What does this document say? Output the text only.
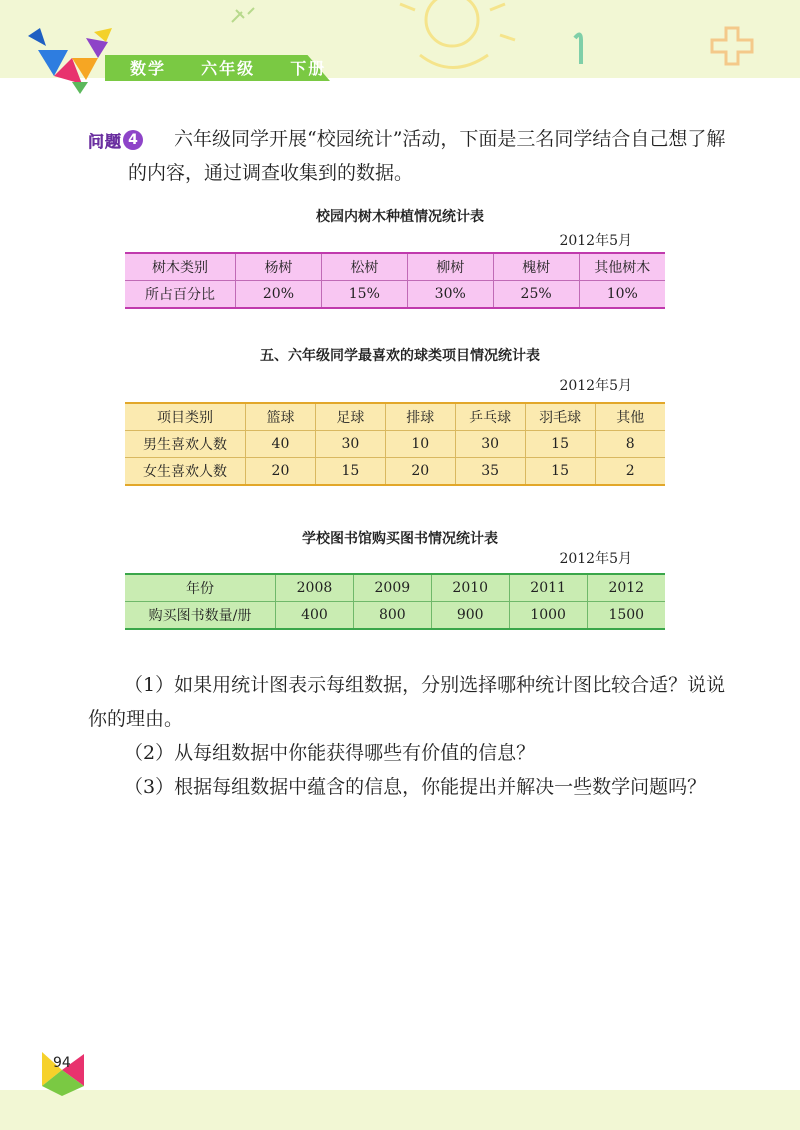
数学  六年级  下册
问题 4	六年级同学开展“校园统计”活动，下面是三名同学结合自己想了解的内容，通过调查收集到的数据。

校园内树木种植情况统计表
2012年5月
树木类别	杨树	松树	柳树	槐树	其他树木
所占百分比	20%	15%	30%	25%	10%
五、六年级同学最喜欢的球类项目情况统计表
2012年5月
项目类别	篮球	足球	排球	乒乓球	羽毛球	其他
男生喜欢人数	40	30	10	30	15	8
女生喜欢人数	20	15	20	35	15	2
学校图书馆购买图书情况统计表
2012年5月
年份	2008	2009	2010	2011	2012
购买图书数量/册	400	800	900	1000	1500

（1）如果用统计图表示每组数据，分别选择哪种统计图比较合适？说说你的理由。

（2）从每组数据中你能获得哪些有价值的信息？

（3）根据每组数据中蕴含的信息，你能提出并解决一些数学问题吗？

94
